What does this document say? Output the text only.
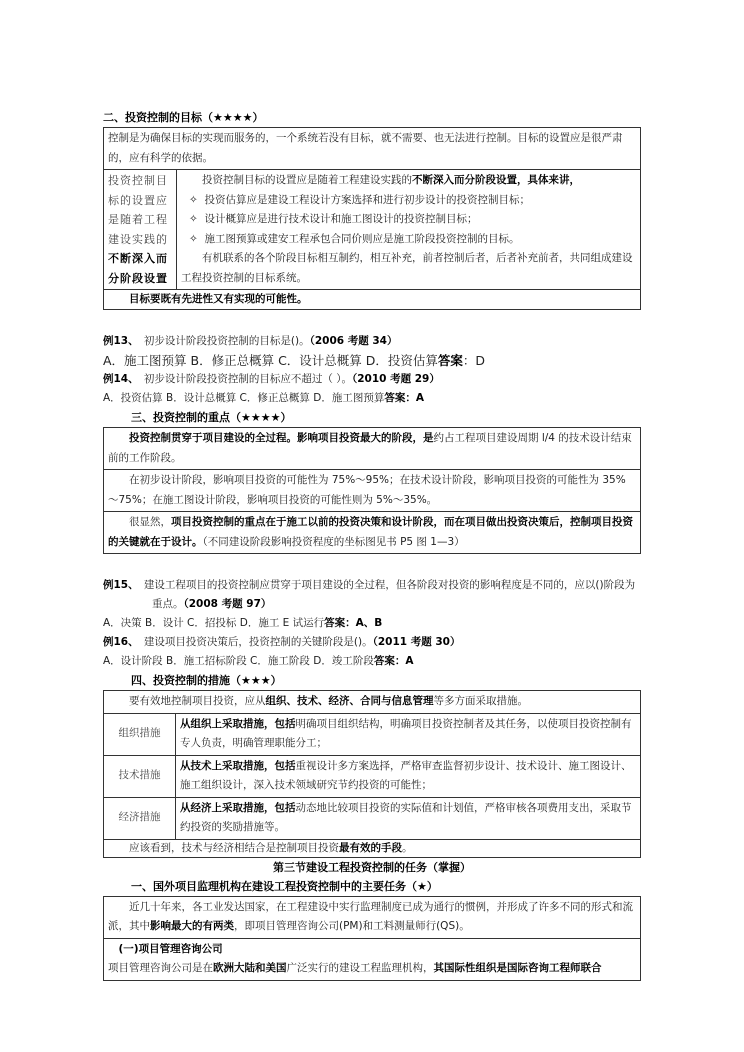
二、投资控制的目标（★★★★）
控制是为确保目标的实现而服务的，一个系统若没有目标，就不需要、也无法进行控制。目标的设置应是很严肃的，应有科学的依据。
投资控制目标的设置应是随着工程建设实践的不断深入而分阶段设置
投资控制目标的设置应是随着工程建设实践的不断深入而分阶段设置，具体来讲，
✧ 投资估算应是建设工程设计方案选择和进行初步设计的投资控制目标；
✧ 设计概算应是进行技术设计和施工图设计的投资控制目标；
✧ 施工图预算或建安工程承包合同价则应是施工阶段投资控制的目标。
有机联系的各个阶段目标相互制约，相互补充，前者控制后者，后者补充前者，共同组成建设工程投资控制的目标系统。
目标要既有先进性又有实现的可能性。
例13、　初步设计阶段投资控制的目标是()。（2006 考题 34）
A．施工图预算 B．修正总概算 C．设计总概算 D．投资估算答案：D
例14、　初步设计阶段投资控制的目标应不超过（ ）。（2010 考题 29）
A．投资估算 B．设计总概算 C．修正总概算 D．施工图预算答案：A
三、投资控制的重点（★★★★）
投资控制贯穿于项目建设的全过程。影响项目投资最大的阶段，是约占工程项目建设周期 l/4 的技术设计结束前的工作阶段。
在初步设计阶段，影响项目投资的可能性为 75%～95%；在技术设计阶段，影响项目投资的可能性为 35%～75%；在施工图设计阶段，影响项目投资的可能性则为 5%～35%。
很显然，项目投资控制的重点在于施工以前的投资决策和设计阶段，而在项目做出投资决策后，控制项目投资的关键就在于设计。（不同建设阶段影响投资程度的坐标图见书 P5 图 1—3）
例15、　建设工程项目的投资控制应贯穿于项目建设的全过程，但各阶段对投资的影响程度是不同的，应以()阶段为重点。（2008 考题 97）
A．决策 B．设计 C．招投标 D．施工 E 试运行答案：A、B
例16、　建设项目投资决策后，投资控制的关键阶段是()。（2011 考题 30）
A．设计阶段 B．施工招标阶段 C．施工阶段 D．竣工阶段答案：A
四、投资控制的措施（★★★）
要有效地控制项目投资，应从组织、技术、经济、合同与信息管理等多方面采取措施。
组织措施
从组织上采取措施，包括明确项目组织结构，明确项目投资控制者及其任务，以使项目投资控制有专人负责，明确管理职能分工；
技术措施
从技术上采取措施，包括重视设计多方案选择，严格审查监督初步设计、技术设计、施工图设计、施工组织设计，深入技术领域研究节约投资的可能性；
经济措施
从经济上采取措施，包括动态地比较项目投资的实际值和计划值，严格审核各项费用支出，采取节约投资的奖励措施等。
应该看到，技术与经济相结合是控制项目投资最有效的手段。
第三节建设工程投资控制的任务（掌握）
一、国外项目监理机构在建设工程投资控制中的主要任务（★）
近几十年来，各工业发达国家，在工程建设中实行监理制度已成为通行的惯例，并形成了许多不同的形式和流派，其中影响最大的有两类，即项目管理咨询公司(PM)和工料测量师行(QS)。
(一)项目管理咨询公司
项目管理咨询公司是在欧洲大陆和美国广泛实行的建设工程监理机构，其国际性组织是国际咨询工程师联合
